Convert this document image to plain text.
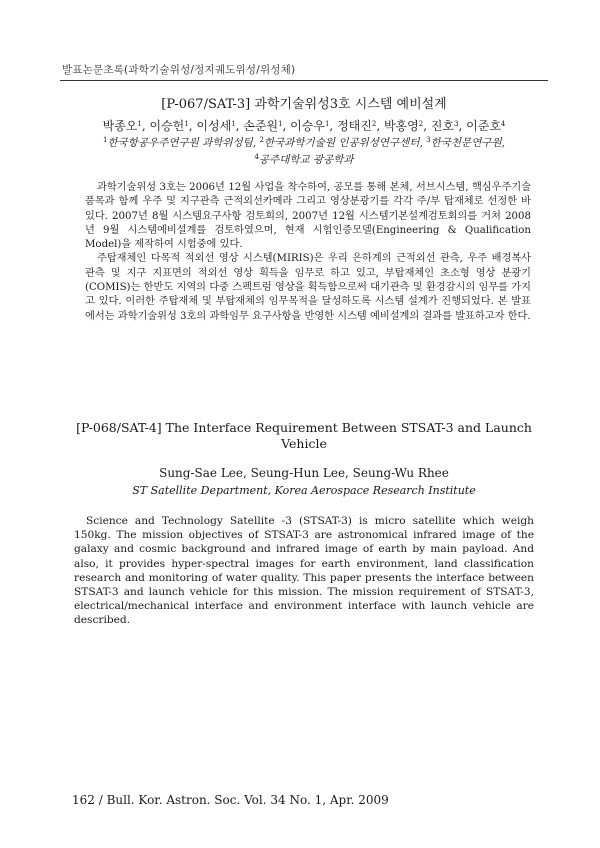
발표논문초록(과학기술위성/정지궤도위성/위성체)
[P-067/SAT-3] 과학기술위성3호 시스템 예비설계
박종오$^1$, 이승헌$^1$, 이성세$^1$, 손준원$^1$, 이승우$^1$, 정태진$^2$, 박홍영$^2$, 진호$^3$, 이준호$^4$
$^1$한국항공우주연구원 과학위성팀, $^2$한국과학기술원 인공위성연구센터, $^3$한국천문연구원,
$^4$공주대학교 광공학과

과학기술위성 3호는 2006년 12월 사업을 착수하여, 공모를 통해 본체, 서브시스템, 핵심우주기술 품목과 함께 우주 및 지구관측 근적외선카메라 그리고 영상분광기를 각각 주/부 탑재체로 선정한 바 있다. 2007년 8월 시스템요구사항 검토회의, 2007년 12월 시스템기본설계검토회의를 거쳐 2008년 9월 시스템예비설계를 검토하였으며, 현재 시험인증모델(Engineering & Qualification Model)을 제작하여 시험중에 있다.

주탑재체인 다목적 적외선 영상 시스템(MIRIS)은 우리 은하계의 근적외선 관측, 우주 배경복사 관측 및 지구 지표면의 적외선 영상 획득을 임무로 하고 있고, 부탑재체인 초소형 영상 분광기(COMIS)는 한반도 지역의 다중 스펙트럼 영상을 획득함으로써 대기관측 및 환경감시의 임무를 가지고 있다. 이러한 주탑재체 및 부탑재체의 임무목적을 달성하도록 시스템 설계가 진행되었다. 본 발표에서는 과학기술위성 3호의 과학임무 요구사항을 반영한 시스템 예비설계의 결과를 발표하고자 한다.

[P-068/SAT-4] The Interface Requirement Between STSAT-3 and Launch Vehicle
Sung-Sae Lee, Seung-Hun Lee, Seung-Wu Rhee
ST Satellite Department, Korea Aerospace Research Institute

Science and Technology Satellite -3 (STSAT-3) is micro satellite which weigh 150kg. The mission objectives of STSAT-3 are astronomical infrared image of the galaxy and cosmic background and infrared image of earth by main payload. And also, it provides hyper-spectral images for earth environment, land classification research and monitoring of water quality. This paper presents the interface between STSAT-3 and launch vehicle for this mission. The mission requirement of STSAT-3, electrical/mechanical interface and environment interface with launch vehicle are described.

162 / Bull. Kor. Astron. Soc. Vol. 34 No. 1, Apr. 2009
